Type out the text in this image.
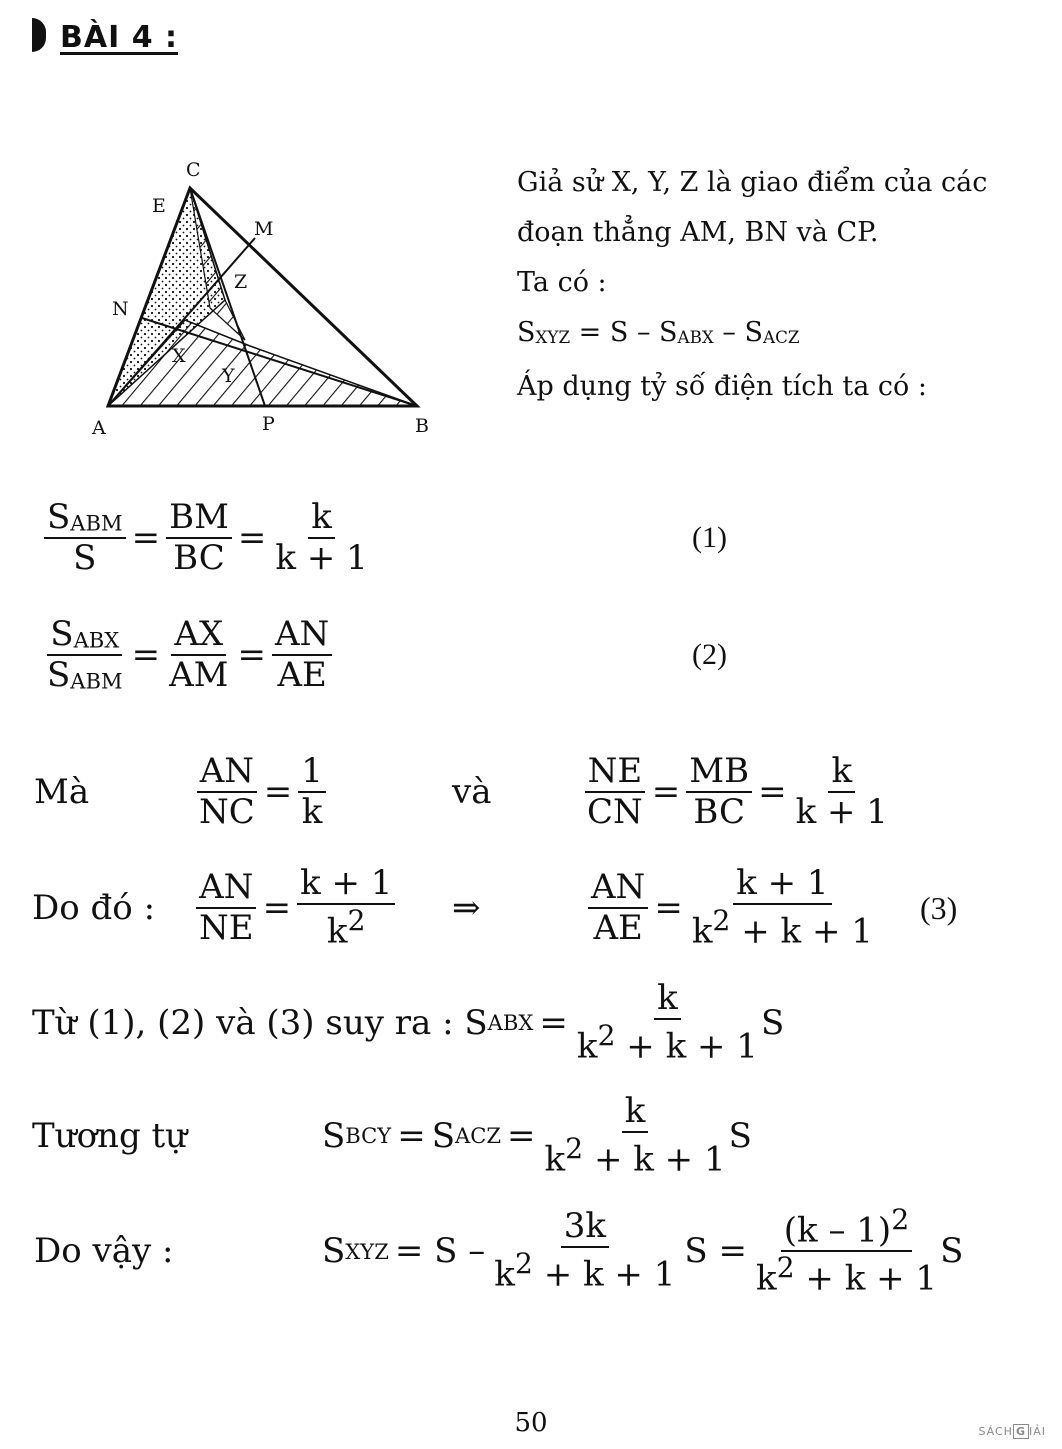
BÀI 4 :
C
E
M
N
Z
X
Y
A	P	B

Giả sử X, Y, Z là giao điểm của các

đoạn thẳng AM, BN và CP.

Ta có :

$S_{XYZ} = S - S_{ABX} - S_{ACZ}$

Áp dụng tỷ số điện tích ta có :

$\frac{S_{ABM}}{S} = \frac{BM}{BC} = \frac{k}{k + 1}$	(1)
$\frac{S_{ABX}}{S_{ABM}} = \frac{AX}{AM} = \frac{AN}{AE}$	(2)
Mà	$\frac{AN}{NC} = \frac{1}{k}$	và	$\frac{NE}{CN} = \frac{MB}{BC} = \frac{k}{k + 1}$
Do đó : $\frac{AN}{NE} = \frac{k + 1}{k^2}$ ⇒	$\frac{AN}{AE} = \frac{k + 1}{k^2 + k + 1} (3)$
Từ (1), (2) và (3) suy ra : S ABX = $\frac{k}{k^2 + k + 1}$ S
Tương tự	S BCY = S ACZ = $\frac{k}{k^2 + k + 1}$ S
Do vậy :	S XYZ = S – $\frac{3k}{k^2 + k + 1}$ $S = \frac{(k - 1)^2}{k^2 + k + 1}$ S
50	SÁCH G IẢI
